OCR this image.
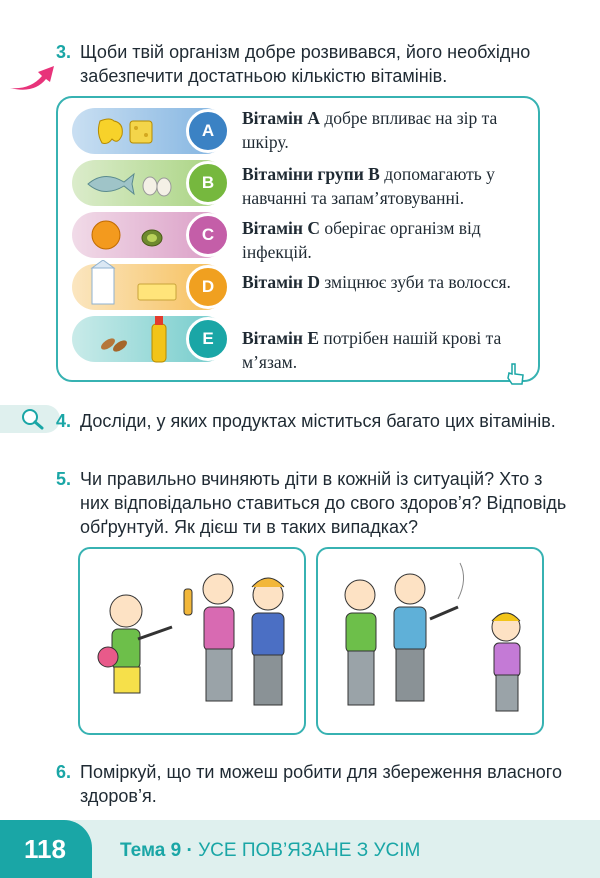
3. Щоби твій організм добре розвивався, його необхідно забезпечити достатньою кількістю вітамінів.
A
B
C
D
E
Вітамін A добре впливає на зір та шкіру.
Вітаміни групи B допомагають у навчанні та запам’ятовуванні.
Вітамін C оберігає організм від інфекцій.
Вітамін D зміцнює зуби та волосся.
Вітамін E потрібен нашій крові та м’язам.
4. Досліди, у яких продуктах міститься багато цих вітамінів.
5. Чи правильно вчиняють діти в кожній із ситуацій? Хто з них відповідально ставиться до свого здоров’я? Відповідь обґрунтуй. Як дієш ти в таких випадках?
6. Поміркуй, що ти можеш робити для збереження власного здоров’я.
118	Тема 9 · УСЕ ПОВ’ЯЗАНЕ З УСІМ
